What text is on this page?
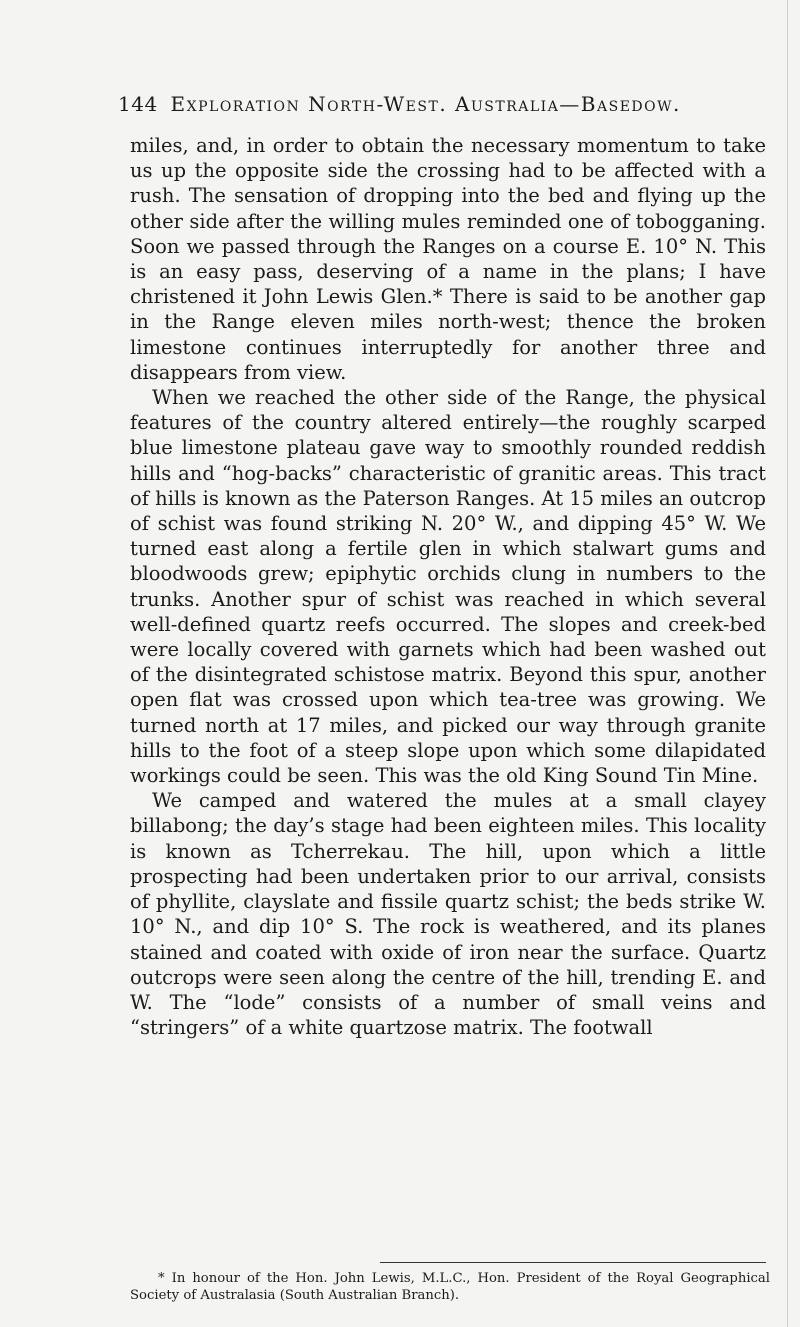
144 Exploration North-West. Australia—Basedow.

miles, and, in order to obtain the necessary momentum to take us up the opposite side the crossing had to be affected with a rush. The sensation of dropping into the bed and flying up the other side after the willing mules reminded one of tobogganing. Soon we passed through the Ranges on a course E. 10° N. This is an easy pass, deserving of a name in the plans; I have christened it John Lewis Glen.* There is said to be another gap in the Range eleven miles north-west; thence the broken limestone continues interruptedly for another three and disappears from view.

When we reached the other side of the Range, the physical features of the country altered entirely—the roughly scarped blue limestone plateau gave way to smoothly rounded reddish hills and “hog-backs” characteristic of granitic areas. This tract of hills is known as the Paterson Ranges. At 15 miles an outcrop of schist was found striking N. 20° W., and dipping 45° W. We turned east along a fertile glen in which stalwart gums and bloodwoods grew; epiphytic orchids clung in numbers to the trunks. Another spur of schist was reached in which several well-defined quartz reefs occurred. The slopes and creek-bed were locally covered with garnets which had been washed out of the disintegrated schistose matrix. Beyond this spur, another open flat was crossed upon which tea-tree was growing. We turned north at 17 miles, and picked our way through granite hills to the foot of a steep slope upon which some dilapidated workings could be seen. This was the old King Sound Tin Mine.

We camped and watered the mules at a small clayey billabong; the day’s stage had been eighteen miles. This locality is known as Tcherrekau. The hill, upon which a little prospecting had been undertaken prior to our arrival, consists of phyllite, clayslate and fissile quartz schist; the beds strike W. 10° N., and dip 10° S. The rock is weathered, and its planes stained and coated with oxide of iron near the surface. Quartz outcrops were seen along the centre of the hill, trending E. and W. The “lode” consists of a number of small veins and “stringers” of a white quartzose matrix. The footwall

* In honour of the Hon. John Lewis, M.L.C., Hon. President of the Royal Geographical Society of Australasia (South Australian Branch).
